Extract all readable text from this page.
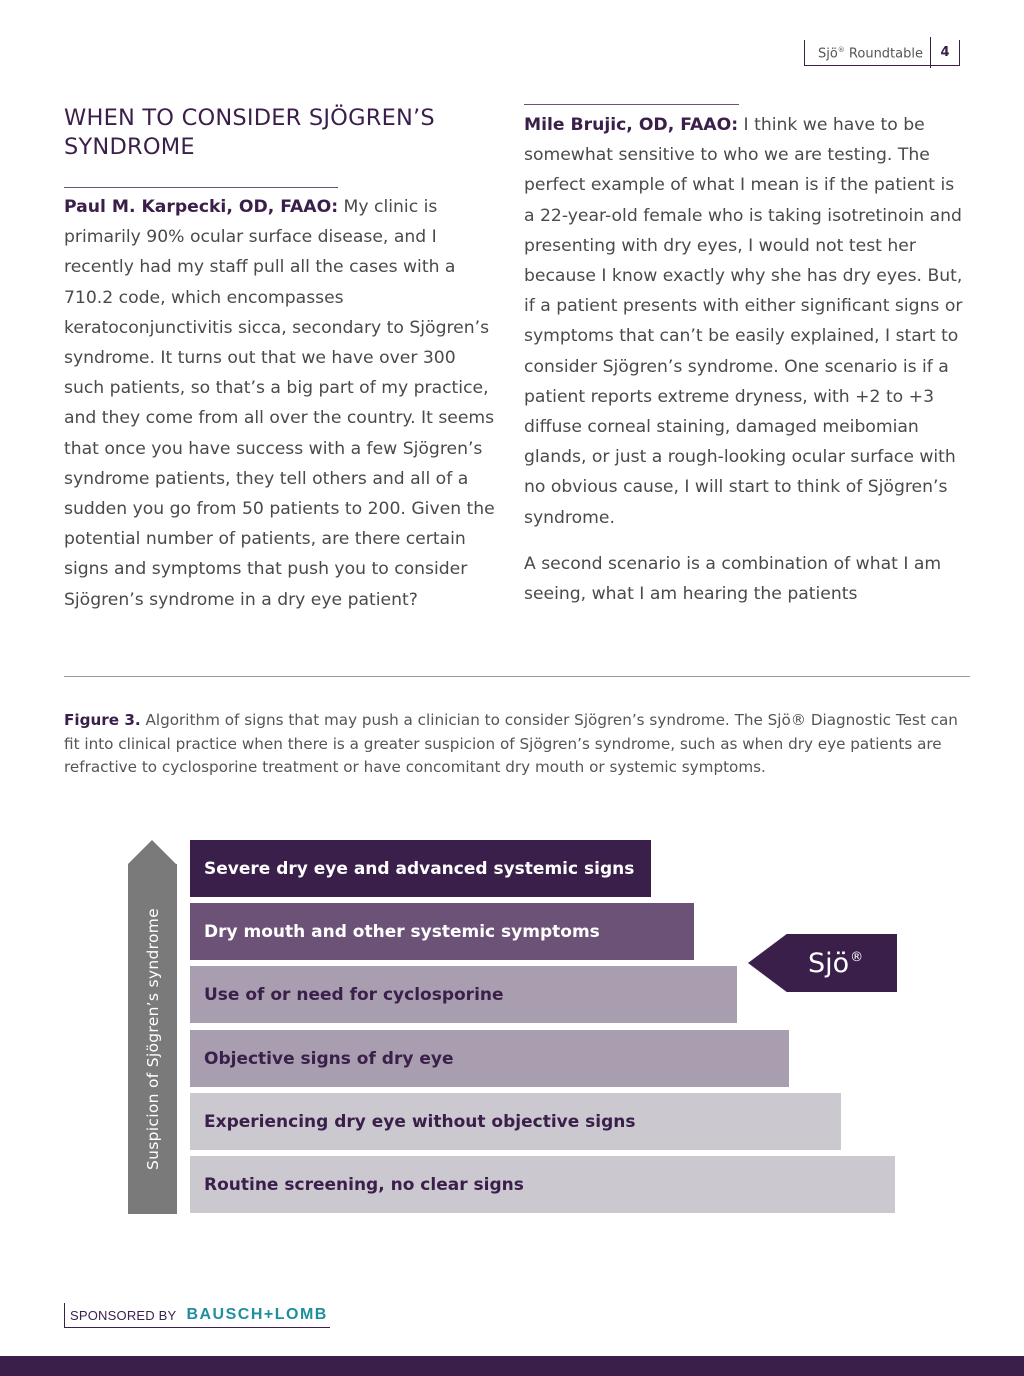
Sjö® Roundtable	4
WHEN TO CONSIDER SJÖGREN’S
SYNDROME

Paul M. Karpecki, OD, FAAO: My clinic is primarily 90% ocular surface disease, and I recently had my staff pull all the cases with a 710.2 code, which encompasses keratoconjunctivitis sicca, secondary to Sjögren’s syndrome. It turns out that we have over 300 such patients, so that’s a big part of my practice, and they come from all over the country. It seems that once you have success with a few Sjögren’s syndrome patients, they tell others and all of a sudden you go from 50 patients to 200. Given the potential number of patients, are there certain signs and symptoms that push you to consider Sjögren’s syndrome in a dry eye patient?

Mile Brujic, OD, FAAO: I think we have to be somewhat sensitive to who we are testing. The perfect example of what I mean is if the patient is a 22-year-old female who is taking isotretinoin and presenting with dry eyes, I would not test her because I know exactly why she has dry eyes. But, if a patient presents with either significant signs or symptoms that can’t be easily explained, I start to consider Sjögren’s syndrome. One scenario is if a patient reports extreme dryness, with +2 to +3 diffuse corneal staining, damaged meibomian glands, or just a rough-looking ocular surface with no obvious cause, I will start to think of Sjögren’s syndrome.

A second scenario is a combination of what I am seeing, what I am hearing the patients

Figure 3. Algorithm of signs that may push a clinician to consider Sjögren’s syndrome. The Sjö® Diagnostic Test can fit into clinical practice when there is a greater suspicion of Sjögren’s syndrome, such as when dry eye patients are refractive to cyclosporine treatment or have concomitant dry mouth or systemic symptoms.

Suspicion of Sjögren’s syndrome
Severe dry eye and advanced systemic signs
Dry mouth and other systemic symptoms
Use of or need for cyclosporine
Objective signs of dry eye
Experiencing dry eye without objective signs
Routine screening, no clear signs
Sjö®
SPONSORED BY BAUSCH+LOMB
